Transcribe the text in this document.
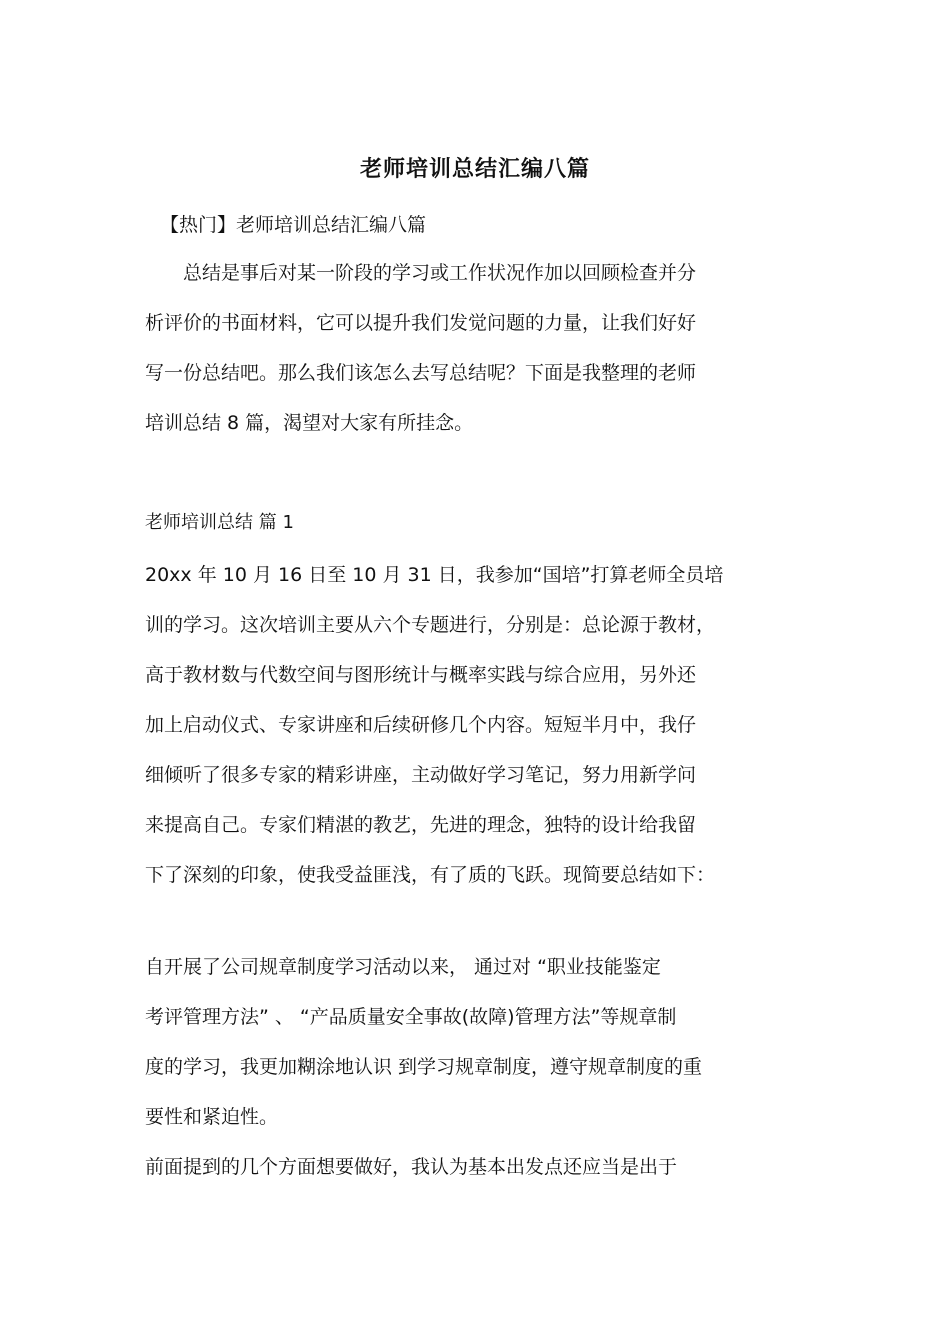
老师培训总结汇编八篇

【热门】老师培训总结汇编八篇

　　总结是事后对某一阶段的学习或工作状况作加以回顾检查并分
析评价的书面材料，它可以提升我们发觉问题的力量，让我们好好
写一份总结吧。那么我们该怎么去写总结呢？下面是我整理的老师
培训总结 8 篇，渴望对大家有所挂念。

老师培训总结 篇 1

20xx 年 10 月 16 日至 10 月 31 日，我参加“国培”打算老师全员培
训的学习。这次培训主要从六个专题进行，分别是：总论源于教材，
高于教材数与代数空间与图形统计与概率实践与综合应用，另外还
加上启动仪式、专家讲座和后续研修几个内容。短短半月中，我仔
细倾听了很多专家的精彩讲座，主动做好学习笔记，努力用新学问
来提高自己。专家们精湛的教艺，先进的理念，独特的设计给我留
下了深刻的印象，使我受益匪浅，有了质的飞跃。现简要总结如下：

自开展了公司规章制度学习活动以来， 通过对 “职业技能鉴定
考评管理方法” 、 “产品质量安全事故(故障)管理方法”等规章制
度的学习，我更加糊涂地认识 到学习规章制度，遵守规章制度的重
要性和紧迫性。

前面提到的几个方面想要做好，我认为基本出发点还应当是出于
